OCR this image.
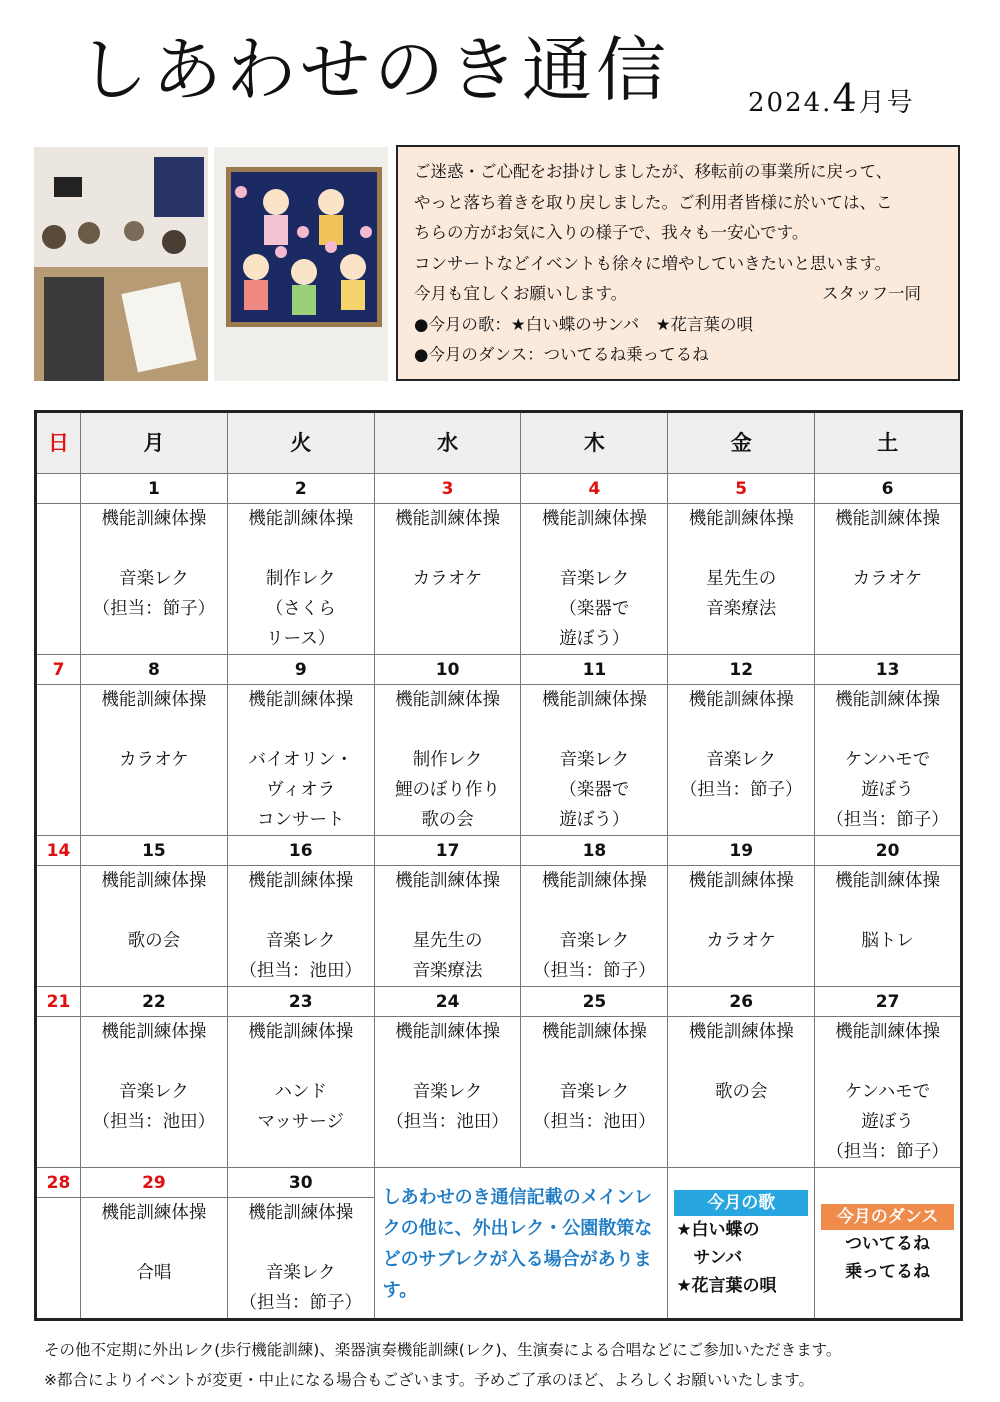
しあわせのき通信	2024.4月号
ご迷惑・ご心配をお掛けしましたが、移転前の事業所に戻って、
やっと落ち着きを取り戻しました。ご利用者皆様に於いては、こ
ちらの方がお気に入りの様子で、我々も一安心です。
コンサートなどイベントも徐々に増やしていきたいと思います。
今月も宜しくお願いします。	スタッフ一同
●今月の歌：★白い蝶のサンバ　★花言葉の唄
●今月のダンス：ついてるね乗ってるね
日	月	火	水	木	金	土
	1	2	3	4	5	6

	機能訓練体操

音楽レク
（担当：節子）	機能訓練体操

制作レク
（さくら
リース）	機能訓練体操

カラオケ	機能訓練体操

音楽レク
（楽器で
遊ぼう）	機能訓練体操

星先生の
音楽療法	機能訓練体操

カラオケ

7	8	9	10	11	12	13

	機能訓練体操

カラオケ	機能訓練体操

バイオリン・
ヴィオラ
コンサート	機能訓練体操

制作レク
鯉のぼり作り
歌の会	機能訓練体操

音楽レク
（楽器で
遊ぼう）	機能訓練体操

音楽レク
（担当：節子）	機能訓練体操

ケンハモで
遊ぼう
（担当：節子）

14	15	16	17	18	19	20

	機能訓練体操

歌の会	機能訓練体操

音楽レク
（担当：池田）	機能訓練体操

星先生の
音楽療法	機能訓練体操

音楽レク
（担当：節子）	機能訓練体操

カラオケ	機能訓練体操

脳トレ

21	22	23	24	25	26	27

	機能訓練体操

音楽レク
（担当：池田）	機能訓練体操

ハンド
マッサージ	機能訓練体操

音楽レク
（担当：池田）	機能訓練体操

音楽レク
（担当：池田）	機能訓練体操

歌の会	機能訓練体操

ケンハモで
遊ぼう
（担当：節子）

28	29	30	しあわせのき通信記載のメインレクの他に、外出レク・公園散策などのサブレクが入る場合があります。		今月の歌
★白い蝶の
　サンバ
★花言葉の唄	今月のダンス
ついてるね
乗ってるね

	機能訓練体操

合唱	機能訓練体操

音楽レク
（担当：節子）				
その他不定期に外出レク(歩行機能訓練)、楽器演奏機能訓練(レク)、生演奏による合唱などにご参加いただきます。
※都合によりイベントが変更・中止になる場合もございます。予めご了承のほど、よろしくお願いいたします。
